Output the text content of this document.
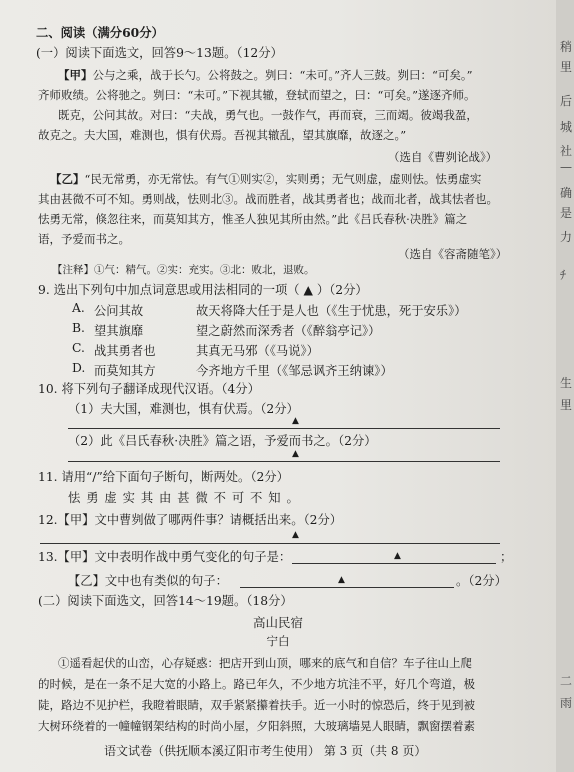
二、阅读（满分60分）
(一）阅读下面选文，回答9～13题。（12分）
【甲】公与之乘，战于长勺。公将鼓之。刿曰：“未可。”齐人三鼓。刿曰：“可矣。”
齐师败绩。公将驰之。刿曰：“未可。”下视其辙，登轼而望之，曰：“可矣。”遂逐齐师。
既克，公问其故。对曰：“夫战，勇气也。一鼓作气，再而衰，三而竭。彼竭我盈，
故克之。夫大国，难测也，惧有伏焉。吾视其辙乱，望其旗靡，故逐之。”
（选自《曹刿论战》）
【乙】“民无常勇，亦无常怯。有气①则实②，实则勇；无气则虚，虚则怯。怯勇虚实
其由甚微不可不知。勇则战，怯则北③。战而胜者，战其勇者也；战而北者，战其怯者也。
怯勇无常，倏忽往来，而莫知其方，惟圣人独见其所由然。”此《吕氏春秋·决胜》篇之
语，予爱而书之。
（选自《容斋随笔》）
【注释】①气：精气。②实：充实。③北：败北，退败。
9. 选出下列句中加点词意思或用法相同的一项（ ▲ ）（2分）
A. 公问其故	故天将降大任于是人也（《生于忧患，死于安乐》）
B. 望其旗靡	望之蔚然而深秀者（《醉翁亭记》）
C. 战其勇者也	其真无马邪（《马说》）
D. 而莫知其方	今齐地方千里（《邹忌讽齐王纳谏》）
10. 将下列句子翻译成现代汉语。（4分）
（1）夫大国，难测也，惧有伏焉。（2分）
▲
（2）此《吕氏春秋·决胜》篇之语，予爱而书之。（2分）
▲
11. 请用“/”给下面句子断句，断两处。（2分）
怯 勇 虚 实 其 由 甚 微 不 可 不 知 。
12.【甲】文中曹刿做了哪两件事？请概括出来。（2分）
▲
13.【甲】文中表明作战中勇气变化的句子是：	▲	；
【乙】文中也有类似的句子：	▲	。（2分）
(二）阅读下面选文，回答14～19题。（18分）
高山民宿
宁白
①遥看起伏的山峦，心存疑惑：把店开到山顶，哪来的底气和自信？车子往山上爬
的时候，是在一条不足大宽的小路上。路已年久，不少地方坑洼不平，好几个弯道，极
陡，路边不见护栏，我瞪着眼睛，双手紧紧攥着扶手。近一小时的惊恐后，终于见到被
大树环绕着的一幢幢钢架结构的时尚小屋，夕阳斜照，大玻璃墙晃人眼睛，飘窗摆着素
语文试卷（供抚顺本溪辽阳市考生使用） 第 3 页（共 8 页）
稍
里
后
城
社
—
确
是
力
ﾁ
生
里
二
雨
